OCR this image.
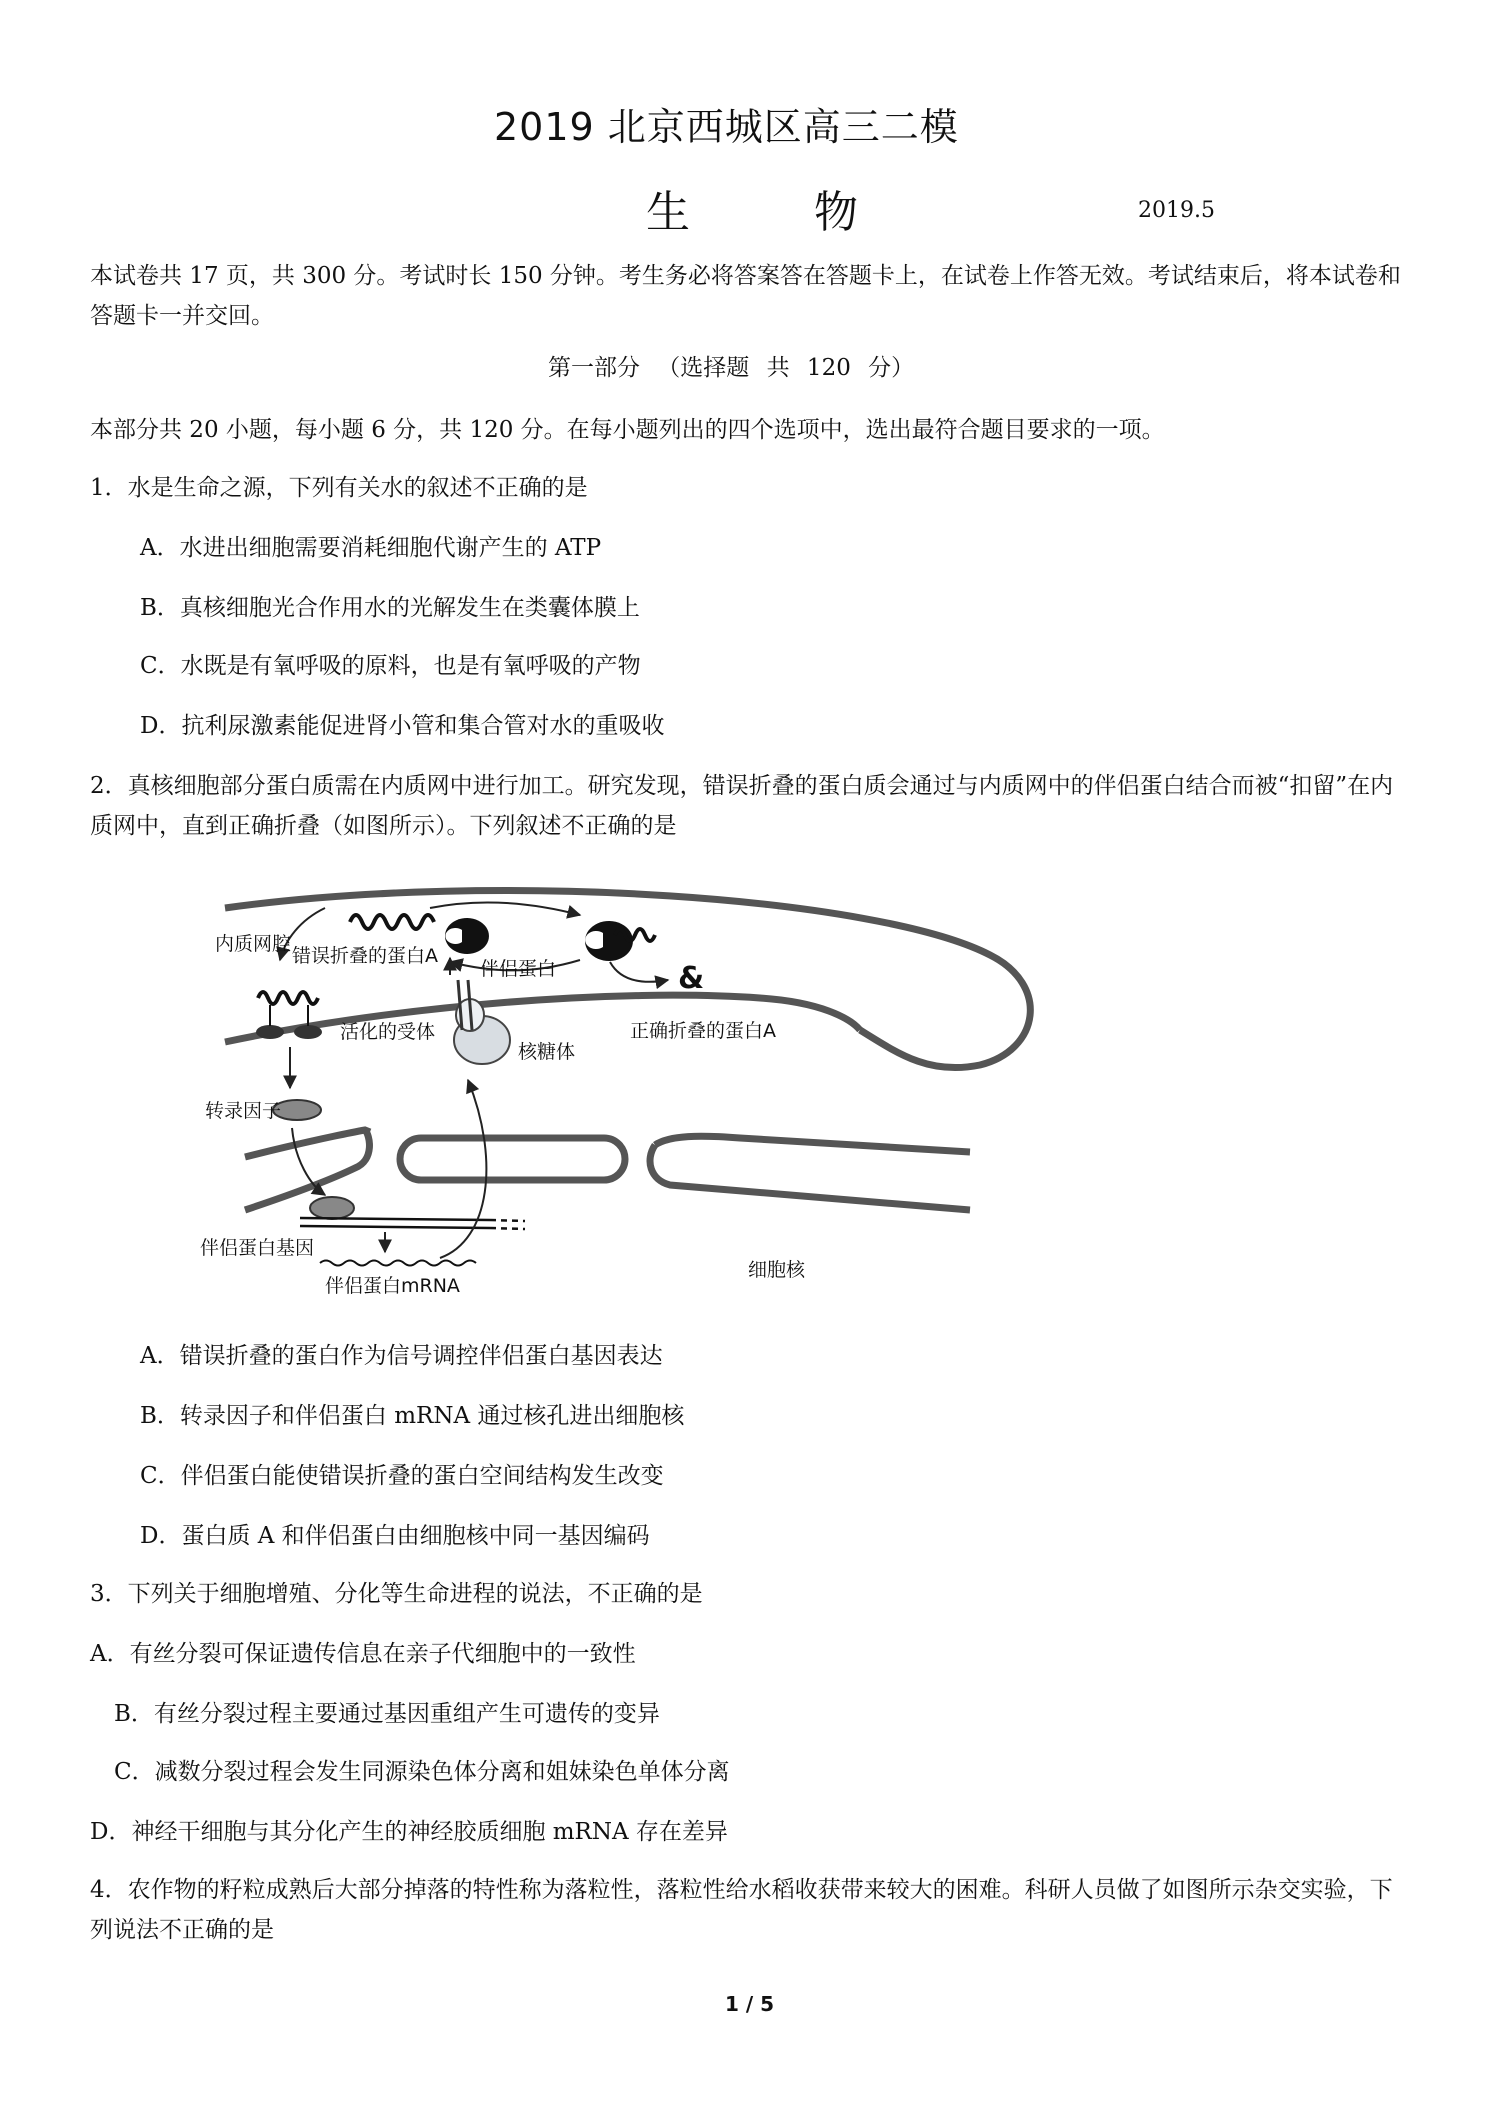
2019 北京西城区高三二模
生 物	2019.5
本试卷共 17 页，共 300 分。考试时长 150 分钟。考生务必将答案答在答题卡上，在试卷上作答无效。考试结束后，将本试卷和答题卡一并交回。
第一部分 （选择题 共 120 分）
本部分共 20 小题，每小题 6 分，共 120 分。在每小题列出的四个选项中，选出最符合题目要求的一项。
1．水是生命之源，下列有关水的叙述不正确的是
A．水进出细胞需要消耗细胞代谢产生的 ATP
B．真核细胞光合作用水的光解发生在类囊体膜上
C．水既是有氧呼吸的原料，也是有氧呼吸的产物
D．抗利尿激素能促进肾小管和集合管对水的重吸收
2．真核细胞部分蛋白质需在内质网中进行加工。研究发现，错误折叠的蛋白质会通过与内质网中的伴侣蛋白结合而被“扣留”在内质网中，直到正确折叠（如图所示）。下列叙述不正确的是
&
内质网腔
错误折叠的蛋白A
伴侣蛋白
正确折叠的蛋白A
活化的受体
核糖体
转录因子
伴侣蛋白基因
伴侣蛋白mRNA
细胞核
A．错误折叠的蛋白作为信号调控伴侣蛋白基因表达
B．转录因子和伴侣蛋白 mRNA 通过核孔进出细胞核
C．伴侣蛋白能使错误折叠的蛋白空间结构发生改变
D．蛋白质 A 和伴侣蛋白由细胞核中同一基因编码
3．下列关于细胞增殖、分化等生命进程的说法，不正确的是
A．有丝分裂可保证遗传信息在亲子代细胞中的一致性
B．有丝分裂过程主要通过基因重组产生可遗传的变异
C．减数分裂过程会发生同源染色体分离和姐妹染色单体分离
D．神经干细胞与其分化产生的神经胶质细胞 mRNA 存在差异
4．农作物的籽粒成熟后大部分掉落的特性称为落粒性，落粒性给水稻收获带来较大的困难。科研人员做了如图所示杂交实验，下列说法不正确的是
1 / 5
